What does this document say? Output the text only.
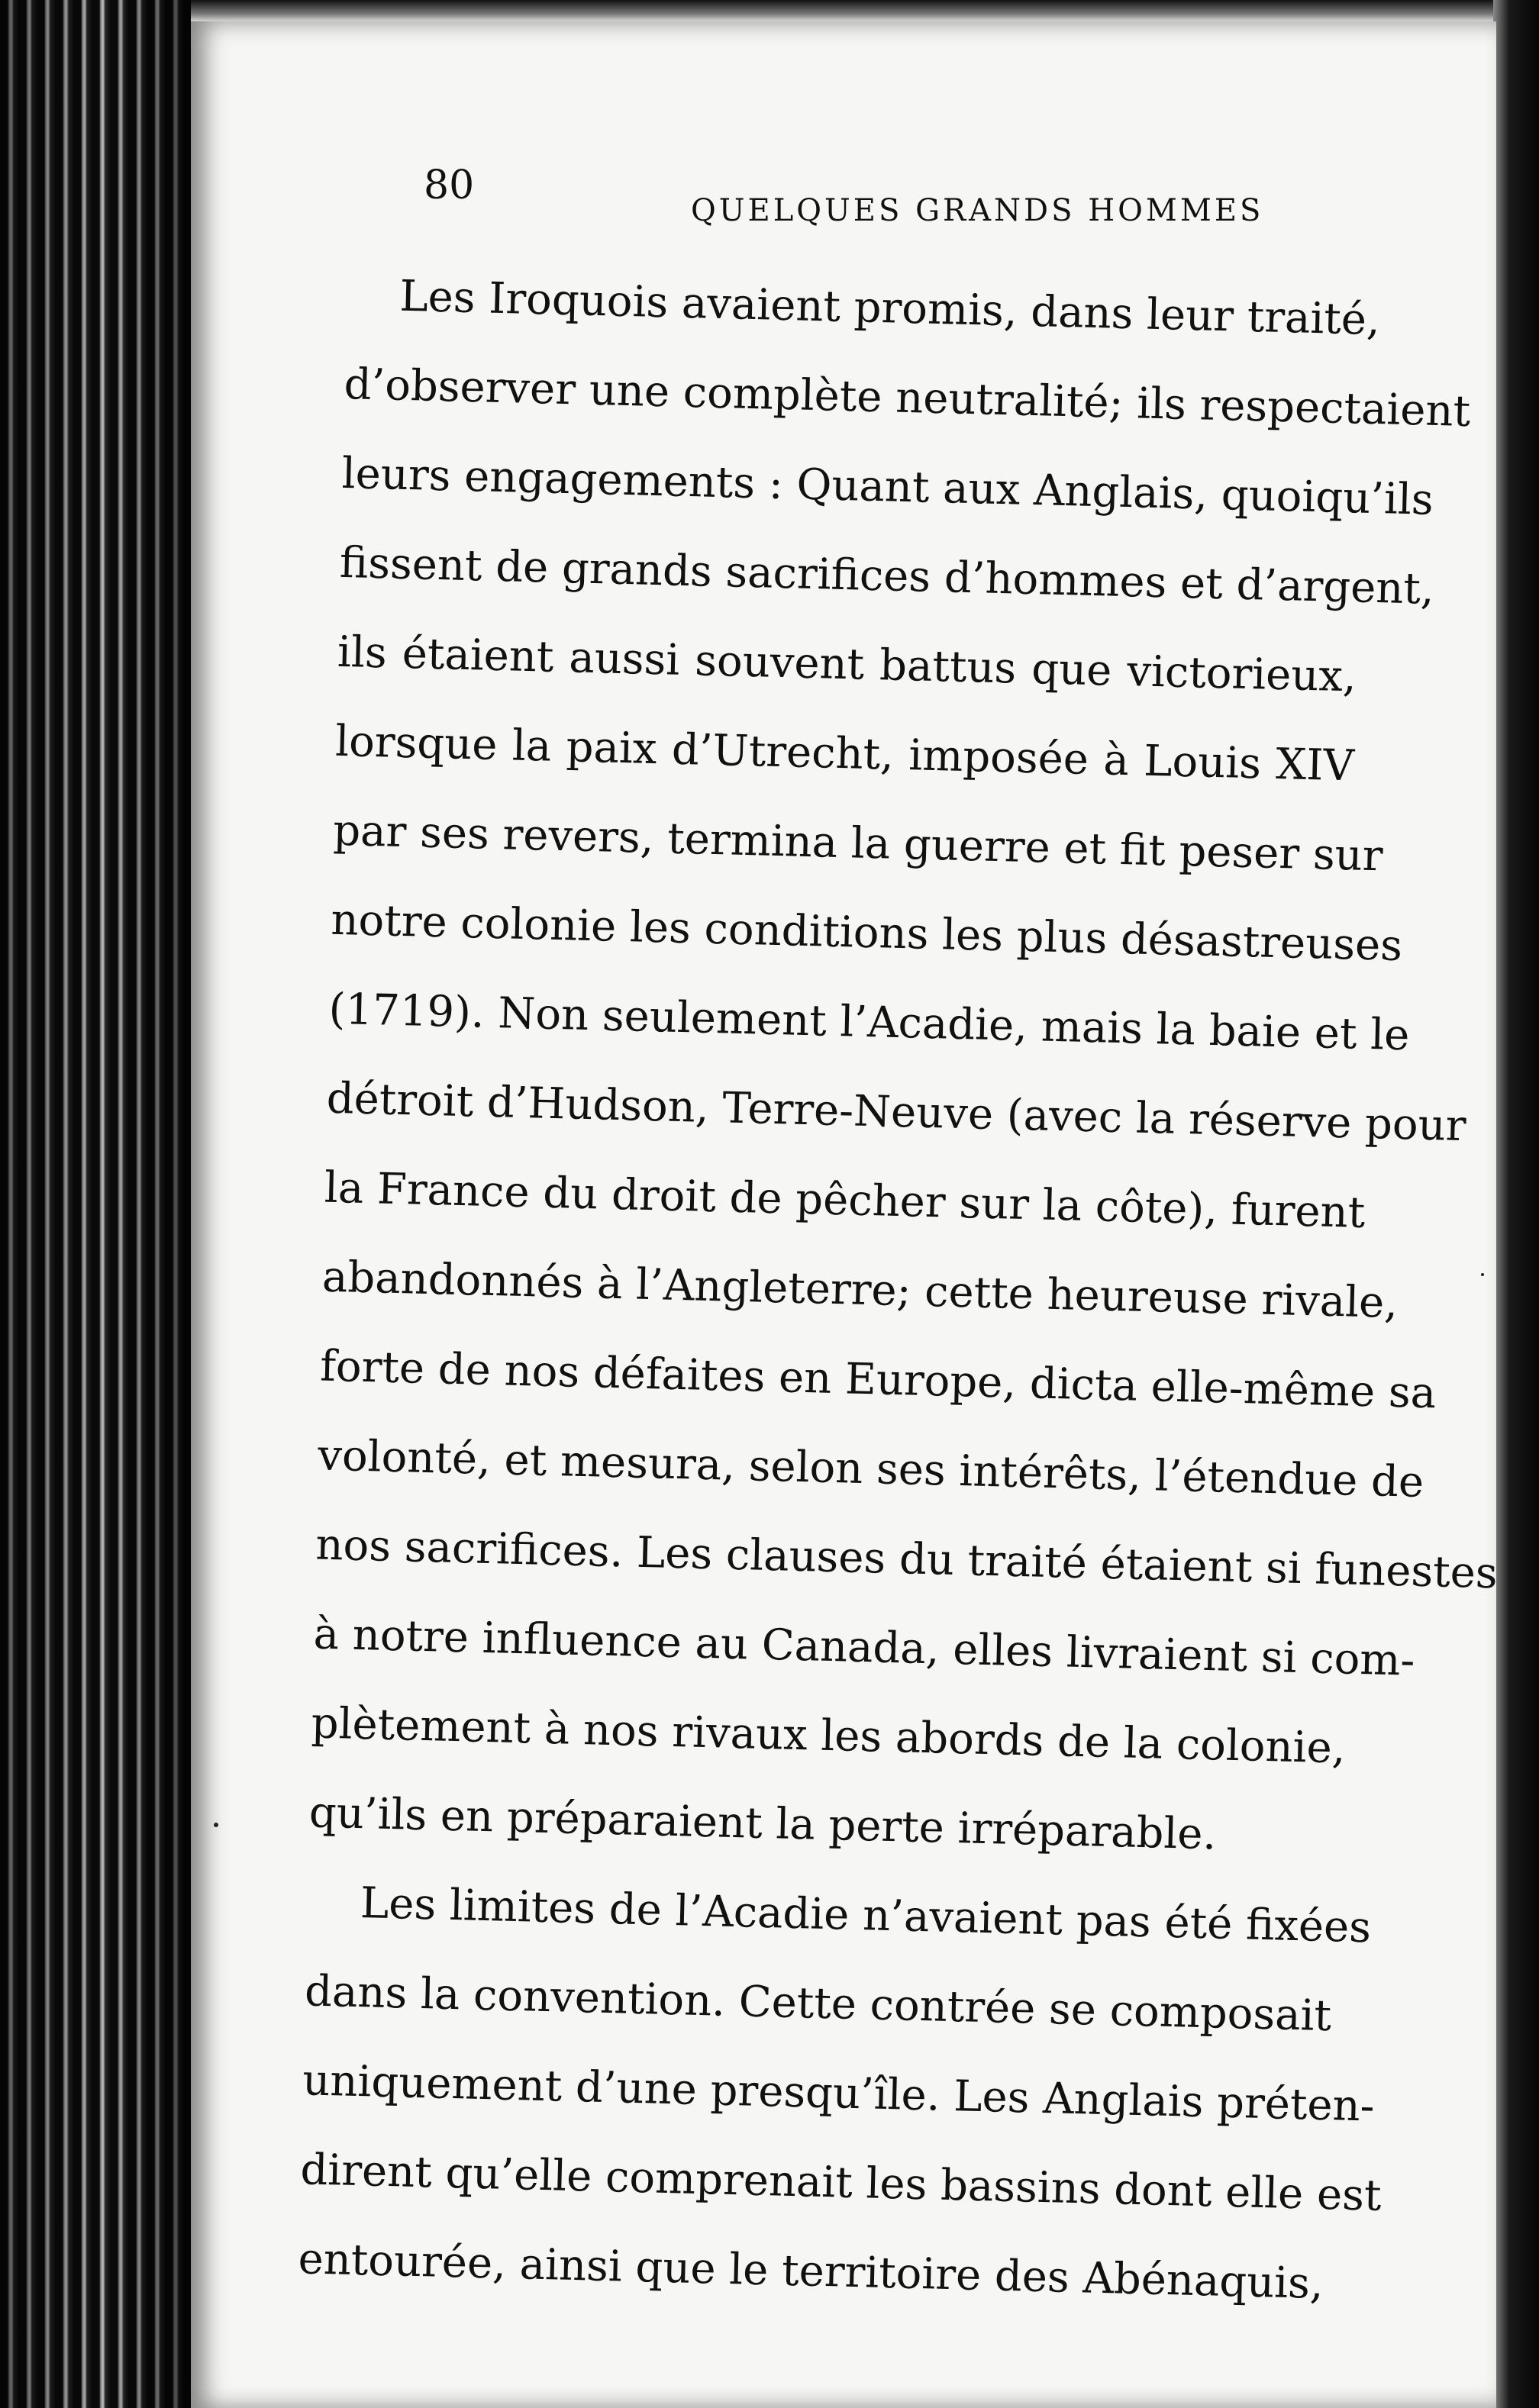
80
QUELQUES GRANDS HOMMES
Les Iroquois avaient promis, dans leur traité,
d’observer une complète neutralité; ils respectaient
leurs engagements : Quant aux Anglais, quoiqu’ils
fissent de grands sacrifices d’hommes et d’argent,
ils étaient aussi souvent battus que victorieux,
lorsque la paix d’Utrecht, imposée à Louis XIV
par ses revers, termina la guerre et fit peser sur
notre colonie les conditions les plus désastreuses
(1719). Non seulement l’Acadie, mais la baie et le
détroit d’Hudson, Terre-Neuve (avec la réserve pour
la France du droit de pêcher sur la côte), furent
abandonnés à l’Angleterre; cette heureuse rivale,
forte de nos défaites en Europe, dicta elle-même sa
volonté, et mesura, selon ses intérêts, l’étendue de
nos sacrifices. Les clauses du traité étaient si funestes
à notre influence au Canada, elles livraient si com-
plètement à nos rivaux les abords de la colonie,
qu’ils en préparaient la perte irréparable.
Les limites de l’Acadie n’avaient pas été fixées
dans la convention. Cette contrée se composait
uniquement d’une presqu’île. Les Anglais préten-
dirent qu’elle comprenait les bassins dont elle est
entourée, ainsi que le territoire des Abénaquis,
